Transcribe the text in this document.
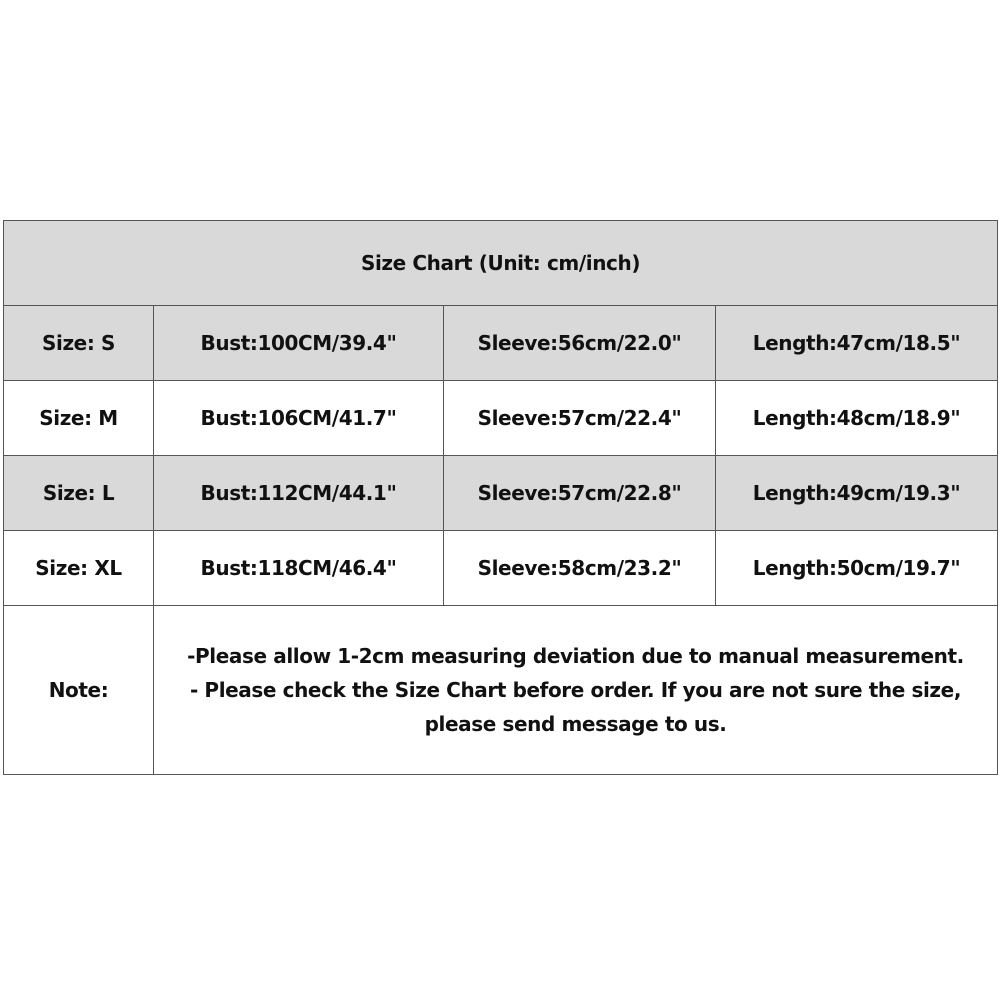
Size Chart (Unit: cm/inch)			
Size: S	Bust:100CM/39.4"	Sleeve:56cm/22.0"	Length:47cm/18.5"
Size: M	Bust:106CM/41.7"	Sleeve:57cm/22.4"	Length:48cm/18.9"
Size: L	Bust:112CM/44.1"	Sleeve:57cm/22.8"	Length:49cm/19.3"
Size: XL	Bust:118CM/46.4"	Sleeve:58cm/23.2"	Length:50cm/19.7"
Note:	-Please allow 1-2cm measuring deviation due to manual measurement.
- Please check the Size Chart before order. If you are not sure the size, please send message to us.		
